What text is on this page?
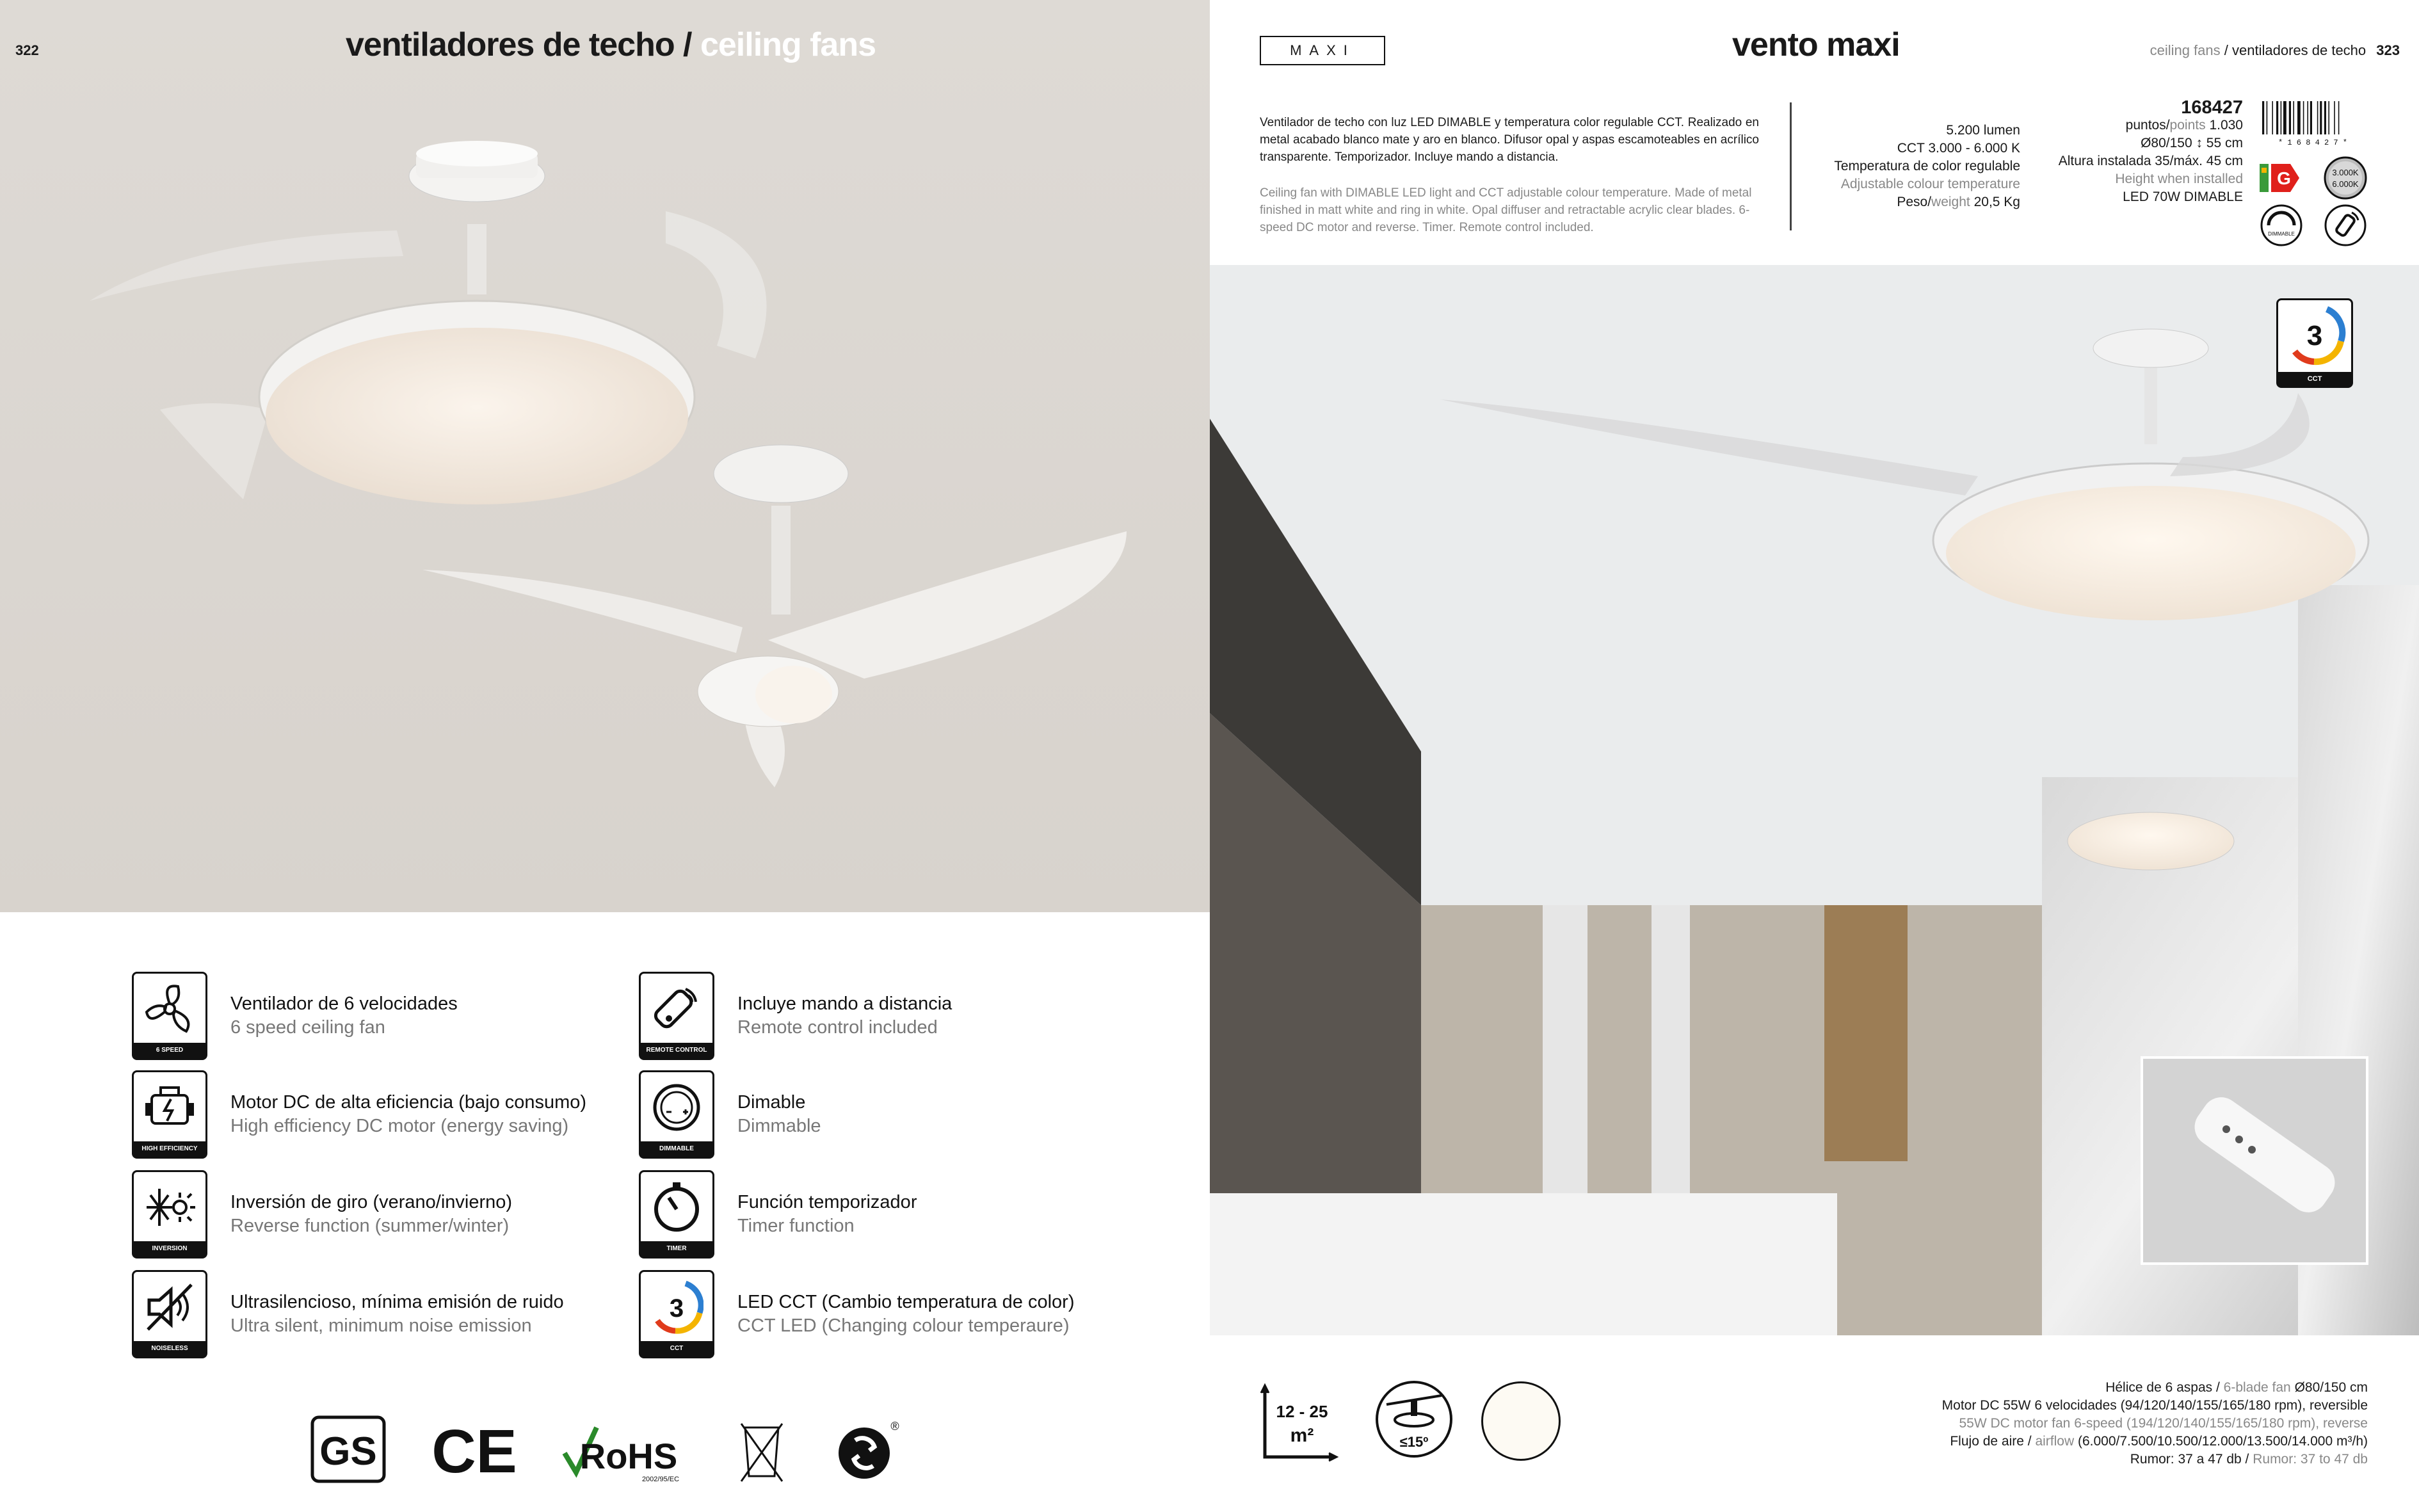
322	ventiladores de techo / ceiling fans
6 SPEED
Ventilador de 6 velocidades
6 speed ceiling fan
REMOTE CONTROL
Incluye mando a distancia
Remote control included
HIGH EFFICIENCY
Motor DC de alta eficiencia (bajo consumo)
High efficiency DC motor (energy saving)
DIMMABLE
Dimable
Dimmable
INVERSION
Inversión de giro (verano/invierno)
Reverse function (summer/winter)
TIMER
Función temporizador
Timer function
NOISELESS
Ultrasilencioso, mínima emisión de ruido
Ultra silent, minimum noise emission
3
CCT
LED CCT (Cambio temperatura de color)
CCT LED (Changing colour temperaure)
GS CE RoHS
2002/95/EC
®
MAXI	vento maxi	ceiling fans / ventiladores de techo 323
Ventilador de techo con luz LED DIMABLE y temperatura color regulable CCT. Realizado en metal acabado blanco mate y aro en blanco. Difusor opal y aspas escamoteables en acrílico transparente. Temporizador. Incluye mando a distancia.
Ceiling fan with DIMABLE LED light and CCT adjustable colour temperature. Made of metal finished in matt white and ring in white. Opal diffuser and retractable acrylic clear blades. 6-speed DC motor and reverse. Timer. Remote control included.
5.200 lumen
CCT 3.000 - 6.000 K
Temperatura de color regulable
Adjustable colour temperature
Peso/weight 20,5 Kg
168427
puntos/points 1.030
Ø80/150 ↕ 55 cm
Altura instalada 35/máx. 45 cm
Height when installed
LED 70W DIMABLE
* 1 6 8 4 2 7 *
G	3.000K
6.000K
DIMMABLE
3
CCT
12 - 25
m²	≤15º
Hélice de 6 aspas / 6-blade fan Ø80/150 cm
Motor DC 55W 6 velocidades (94/120/140/155/165/180 rpm), reversible
55W DC motor fan 6-speed (194/120/140/155/165/180 rpm), reverse
Flujo de aire / airflow (6.000/7.500/10.500/12.000/13.500/14.000 m³/h)
Rumor: 37 a 47 db / Rumor: 37 to 47 db
